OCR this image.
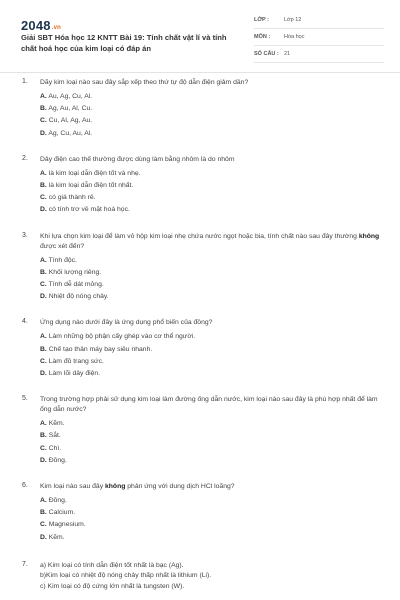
2048.vn
Giải SBT Hóa học 12 KNTT Bài 19: Tính chất vật lí và tính chất hoá học của kim loại có đáp án
LỚP :	Lớp 12
MÔN :	Hóa học
SỐ CÂU : 21
1. Dãy kim loại nào sau đây sắp xếp theo thứ tự độ dẫn điện giảm dần?
A. Au, Ag, Cu, Al.
B. Ag, Au, Al, Cu.
C. Cu, Al, Ag, Au.
D. Ag, Cu, Au, Al.
2. Dây điện cao thế thường được dùng làm bằng nhôm là do nhôm
A. là kim loại dẫn điện tốt và nhẹ.
B. là kim loại dẫn điện tốt nhất.
C. có giá thành rẻ.
D. có tính trơ về mặt hoá học.
3. Khi lựa chọn kim loại để làm vỏ hộp kim loại nhẹ chứa nước ngọt hoặc bia, tính chất nào sau đây thường không được xét đến?
A. Tính độc.
B. Khối lượng riêng.
C. Tính dễ dát mỏng.
D. Nhiệt độ nóng chảy.
4. Ứng dụng nào dưới đây là ứng dụng phổ biến của đồng?
A. Làm những bộ phận cấy ghép vào cơ thể người.
B. Chế tạo thân máy bay siêu nhanh.
C. Làm đồ trang sức.
D. Làm lõi dây điện.
5. Trong trường hợp phải sử dụng kim loại làm đường ống dẫn nước, kim loại nào sau đây là phù hợp nhất để làm ống dẫn nước?
A. Kẽm.
B. Sắt.
C. Chì.
D. Đồng.
6. Kim loại nào sau đây không phản ứng với dung dịch HCl loãng?
A. Đồng.
B. Calcium.
C. Magnesium.
D. Kẽm.
7. a) Kim loại có tính dẫn điện tốt nhất là bạc (Ag).
b)Kim loại có nhiệt độ nóng chảy thấp nhất là lithium (Li).
c) Kim loại có độ cứng lớn nhất là tungsten (W).
